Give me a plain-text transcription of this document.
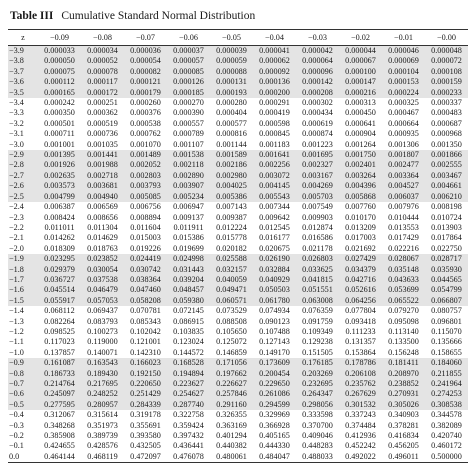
Table III Cumulative Standard Normal Distribution
z	−0.09	−0.08	−0.07	−0.06	−0.05	−0.04	−0.03	−0.02	−0.01	−0.00
−3.9	0.000033	0.000034	0.000036	0.000037	0.000039	0.000041	0.000042	0.000044	0.000046	0.000048
−3.8	0.000050	0.000052	0.000054	0.000057	0.000059	0.000062	0.000064	0.000067	0.000069	0.000072
−3.7	0.000075	0.000078	0.000082	0.000085	0.000088	0.000092	0.000096	0.000100	0.000104	0.000108
−3.6	0.000112	0.000117	0.000121	0.000126	0.000131	0.000136	0.000142	0.000147	0.000153	0.000159
−3.5	0.000165	0.000172	0.000179	0.000185	0.000193	0.000200	0.000208	0.000216	0.000224	0.000233
−3.4	0.000242	0.000251	0.000260	0.000270	0.000280	0.000291	0.000302	0.000313	0.000325	0.000337
−3.3	0.000350	0.000362	0.000376	0.000390	0.000404	0.000419	0.000434	0.000450	0.000467	0.000483
−3.2	0.000501	0.000519	0.000538	0.000557	0.000577	0.000598	0.000619	0.000641	0.000664	0.000687
−3.1	0.000711	0.000736	0.000762	0.000789	0.000816	0.000845	0.000874	0.000904	0.000935	0.000968
−3.0	0.001001	0.001035	0.001070	0.001107	0.001144	0.001183	0.001223	0.001264	0.001306	0.001350
−2.9	0.001395	0.001441	0.001489	0.001538	0.001589	0.001641	0.001695	0.001750	0.001807	0.001866
−2.8	0.001926	0.001988	0.002052	0.002118	0.002186	0.002256	0.002327	0.002401	0.002477	0.002555
−2.7	0.002635	0.002718	0.002803	0.002890	0.002980	0.003072	0.003167	0.003264	0.003364	0.003467
−2.6	0.003573	0.003681	0.003793	0.003907	0.004025	0.004145	0.004269	0.004396	0.004527	0.004661
−2.5	0.004799	0.004940	0.005085	0.005234	0.005386	0.005543	0.005703	0.005868	0.006037	0.006210
−2.4	0.006387	0.006569	0.006756	0.006947	0.007143	0.007344	0.007549	0.007760	0.007976	0.008198
−2.3	0.008424	0.008656	0.008894	0.009137	0.009387	0.009642	0.009903	0.010170	0.010444	0.010724
−2.2	0.011011	0.011304	0.011604	0.011911	0.012224	0.012545	0.012874	0.013209	0.013553	0.013903
−2.1	0.014262	0.014629	0.015003	0.015386	0.015778	0.016177	0.016586	0.017003	0.017429	0.017864
−2.0	0.018309	0.018763	0.019226	0.019699	0.020182	0.020675	0.021178	0.021692	0.022216	0.022750
−1.9	0.023295	0.023852	0.024419	0.024998	0.025588	0.026190	0.026803	0.027429	0.028067	0.028717
−1.8	0.029379	0.030054	0.030742	0.031443	0.032157	0.032884	0.033625	0.034379	0.035148	0.035930
−1.7	0.036727	0.037538	0.038364	0.039204	0.040059	0.040929	0.041815	0.042716	0.043633	0.044565
−1.6	0.045514	0.046479	0.047460	0.048457	0.049471	0.050503	0.051551	0.052616	0.053699	0.054799
−1.5	0.055917	0.057053	0.058208	0.059380	0.060571	0.061780	0.063008	0.064256	0.065522	0.066807
−1.4	0.068112	0.069437	0.070781	0.072145	0.073529	0.074934	0.076359	0.077804	0.079270	0.080757
−1.3	0.082264	0.083793	0.085343	0.086915	0.088508	0.090123	0.091759	0.093418	0.095098	0.096801
−1.2	0.098525	0.100273	0.102042	0.103835	0.105650	0.107488	0.109349	0.111233	0.113140	0.115070
−1.1	0.117023	0.119000	0.121001	0.123024	0.125072	0.127143	0.129238	0.131357	0.133500	0.135666
−1.0	0.137857	0.140071	0.142310	0.144572	0.146859	0.149170	0.151505	0.153864	0.156248	0.158655
−0.9	0.161087	0.163543	0.166023	0.168528	0.171056	0.173609	0.176185	0.178786	0.181411	0.184060
−0.8	0.186733	0.189430	0.192150	0.194894	0.197662	0.200454	0.203269	0.206108	0.208970	0.211855
−0.7	0.214764	0.217695	0.220650	0.223627	0.226627	0.229650	0.232695	0.235762	0.238852	0.241964
−0.6	0.245097	0.248252	0.251429	0.254627	0.257846	0.261086	0.264347	0.267629	0.270931	0.274253
−0.5	0.277595	0.280957	0.284339	0.287740	0.291160	0.294599	0.298056	0.301532	0.305026	0.308538
−0.4	0.312067	0.315614	0.319178	0.322758	0.326355	0.329969	0.333598	0.337243	0.340903	0.344578
−0.3	0.348268	0.351973	0.355691	0.359424	0.363169	0.366928	0.370700	0.374484	0.378281	0.382089
−0.2	0.385908	0.389739	0.393580	0.397432	0.401294	0.405165	0.409046	0.412936	0.416834	0.420740
−0.1	0.424655	0.428576	0.432505	0.436441	0.440382	0.444330	0.448283	0.452242	0.456205	0.460172
0.0	0.464144	0.468119	0.472097	0.476078	0.480061	0.484047	0.488033	0.492022	0.496011	0.500000
